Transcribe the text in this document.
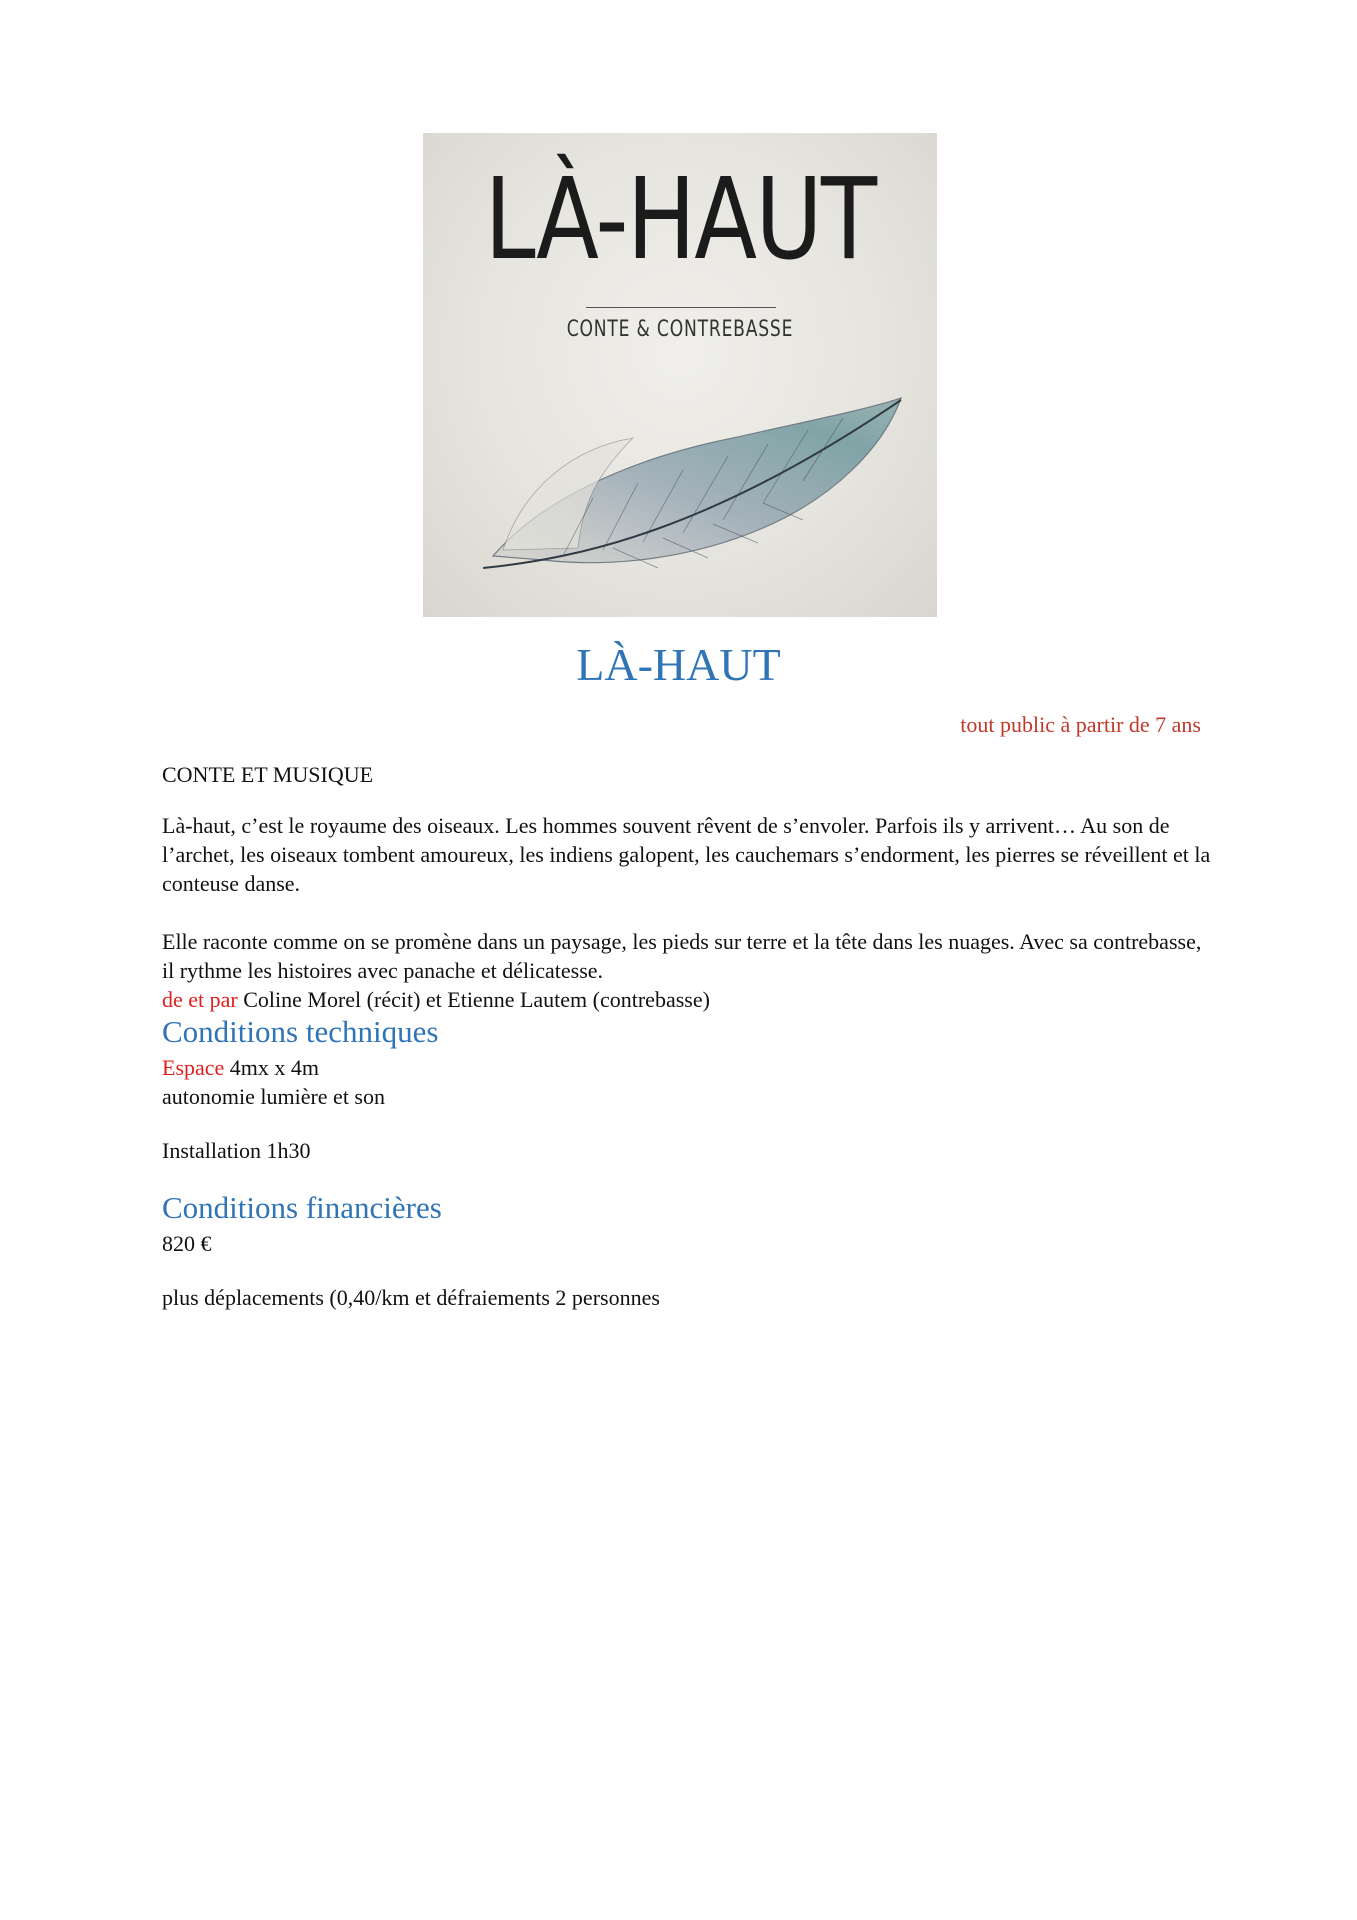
LÀ-HAUT
CONTE & CONTREBASSE
LÀ-HAUT
tout public à partir de 7 ans
CONTE ET MUSIQUE
Là-haut, c’est le royaume des oiseaux. Les hommes souvent rêvent de s’envoler. Parfois ils y arrivent… Au son de l’archet, les oiseaux tombent amoureux, les indiens galopent, les cauchemars s’endorment, les pierres se réveillent et la conteuse danse.
Elle raconte comme on se promène dans un paysage, les pieds sur terre et la tête dans les nuages. Avec sa contrebasse, il rythme les histoires avec panache et délicatesse.
de et par Coline Morel (récit) et Etienne Lautem (contrebasse)
Conditions techniques
Espace 4mx x 4m
autonomie lumière et son
Installation 1h30
Conditions financières
820 €
plus déplacements (0,40/km et défraiements 2 personnes
